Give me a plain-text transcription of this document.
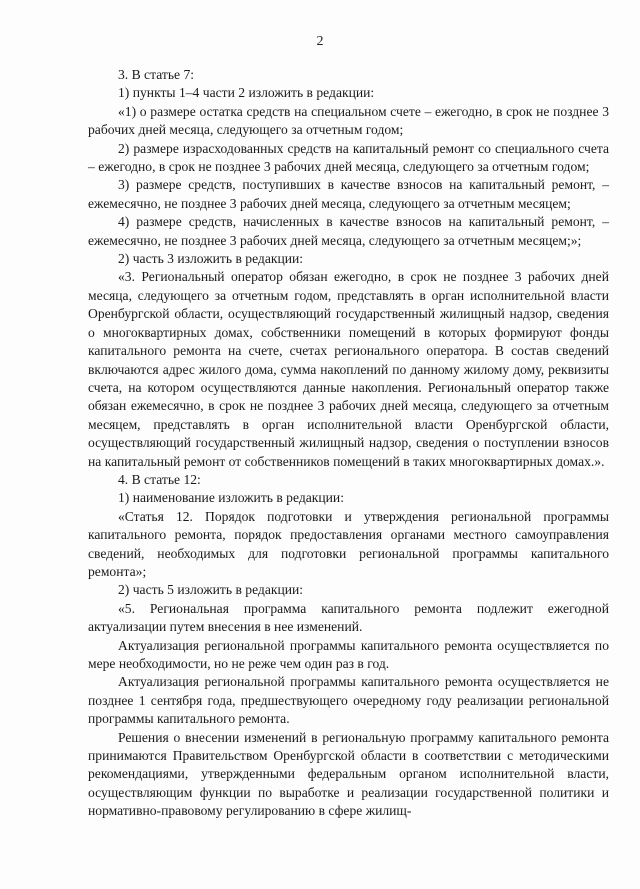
2

3. В статье 7:

1) пункты 1–4 части 2 изложить в редакции:

«1) о размере остатка средств на специальном счете – ежегодно, в срок не позднее 3 рабочих дней месяца, следующего за отчетным годом;

2) размере израсходованных средств на капитальный ремонт со специального счета – ежегодно, в срок не позднее 3 рабочих дней месяца, следующего за отчетным годом;

3) размере средств, поступивших в качестве взносов на капитальный ремонт, – ежемесячно, не позднее 3 рабочих дней месяца, следующего за отчетным месяцем;

4) размере средств, начисленных в качестве взносов на капитальный ремонт, – ежемесячно, не позднее 3 рабочих дней месяца, следующего за отчетным месяцем;»;

2) часть 3 изложить в редакции:

«3. Региональный оператор обязан ежегодно, в срок не позднее 3 рабочих дней месяца, следующего за отчетным годом, представлять в орган исполнительной власти Оренбургской области, осуществляющий государственный жилищный надзор, сведения о многоквартирных домах, собственники помещений в которых формируют фонды капитального ремонта на счете, счетах регионального оператора. В состав сведений включаются адрес жилого дома, сумма накоплений по данному жилому дому, реквизиты счета, на котором осуществляются данные накопления. Региональный оператор также обязан ежемесячно, в срок не позднее 3 рабочих дней месяца, следующего за отчетным месяцем, представлять в орган исполнительной власти Оренбургской области, осуществляющий государственный жилищный надзор, сведения о поступлении взносов на капитальный ремонт от собственников помещений в таких многоквартирных домах.».

4. В статье 12:

1) наименование изложить в редакции:

«Статья 12. Порядок подготовки и утверждения региональной программы капитального ремонта, порядок предоставления органами местного самоуправления сведений, необходимых для подготовки региональной программы капитального ремонта»;

2) часть 5 изложить в редакции:

«5. Региональная программа капитального ремонта подлежит ежегодной актуализации путем внесения в нее изменений.

Актуализация региональной программы капитального ремонта осуществляется по мере необходимости, но не реже чем один раз в год.

Актуализация региональной программы капитального ремонта осуществляется не позднее 1 сентября года, предшествующего очередному году реализации региональной программы капитального ремонта.

Решения о внесении изменений в региональную программу капитального ремонта принимаются Правительством Оренбургской области в соответствии с методическими рекомендациями, утвержденными федеральным органом исполнительной власти, осуществляющим функции по выработке и реализации государственной политики и нормативно-правовому регулированию в сфере жилищ-
